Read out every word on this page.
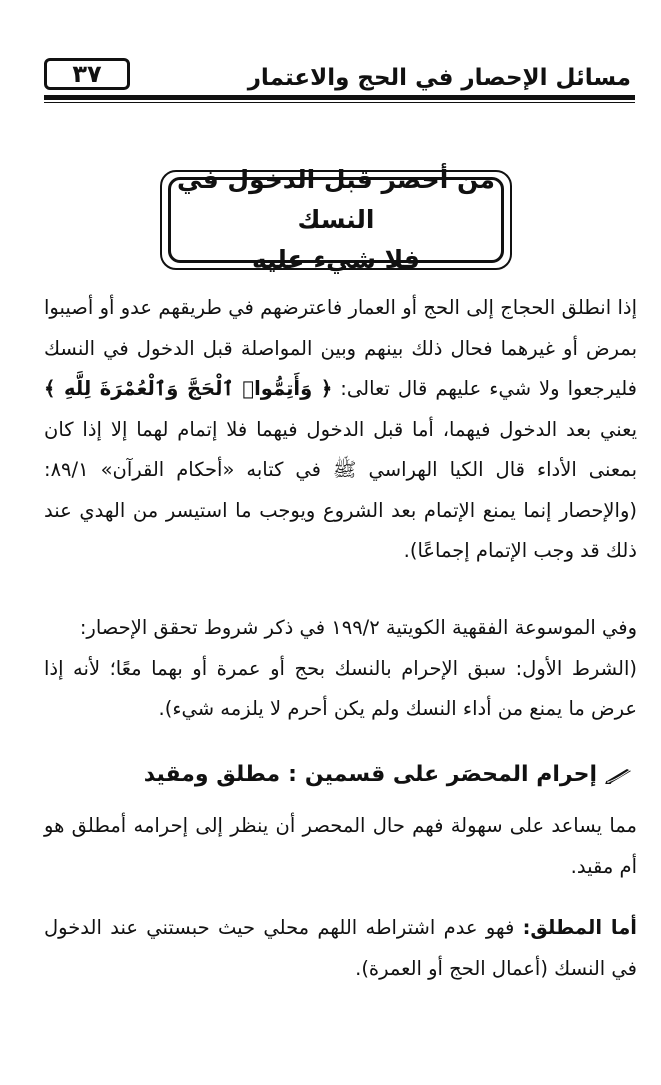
مسائل الإحصار في الحج والاعتمار
٣٧
من أحصر قبل الدخول في النسك
فلا شيء عليه

إذا انطلق الحجاج إلى الحج أو العمار فاعترضهم في طريقهم عدو أو أصيبوا بمرض أو غيرهما فحال ذلك بينهم وبين المواصلة قبل الدخول في النسك فليرجعوا ولا شيء عليهم قال تعالى: ﴿ وَأَتِمُّوا۟ ٱلْحَجَّ وَٱلْعُمْرَةَ لِلَّهِ ﴾ يعني بعد الدخول فيهما، أما قبل الدخول فيهما فلا إتمام لهما إلا إذا كان بمعنى الأداء قال الكيا الهراسي ﷺ في كتابه «أحكام القرآن» ٨٩/١: (والإحصار إنما يمنع الإتمام بعد الشروع ويوجب ما استيسر من الهدي عند ذلك قد وجب الإتمام إجماعًا).

وفي الموسوعة الفقهية الكويتية ١٩٩/٢ في ذكر شروط تحقق الإحصار:

(الشرط الأول: سبق الإحرام بالنسك بحج أو عمرة أو بهما معًا؛ لأنه إذا عرض ما يمنع من أداء النسك ولم يكن أحرم لا يلزمه شيء).

إحرام المحصَر على قسمين
:
مطلق ومقيد

مما يساعد على سهولة فهم حال المحصر أن ينظر إلى إحرامه أمطلق هو أم مقيد.

أما المطلق: فهو عدم اشتراطه اللهم محلي حيث حبستني عند الدخول في النسك (أعمال الحج أو العمرة).
